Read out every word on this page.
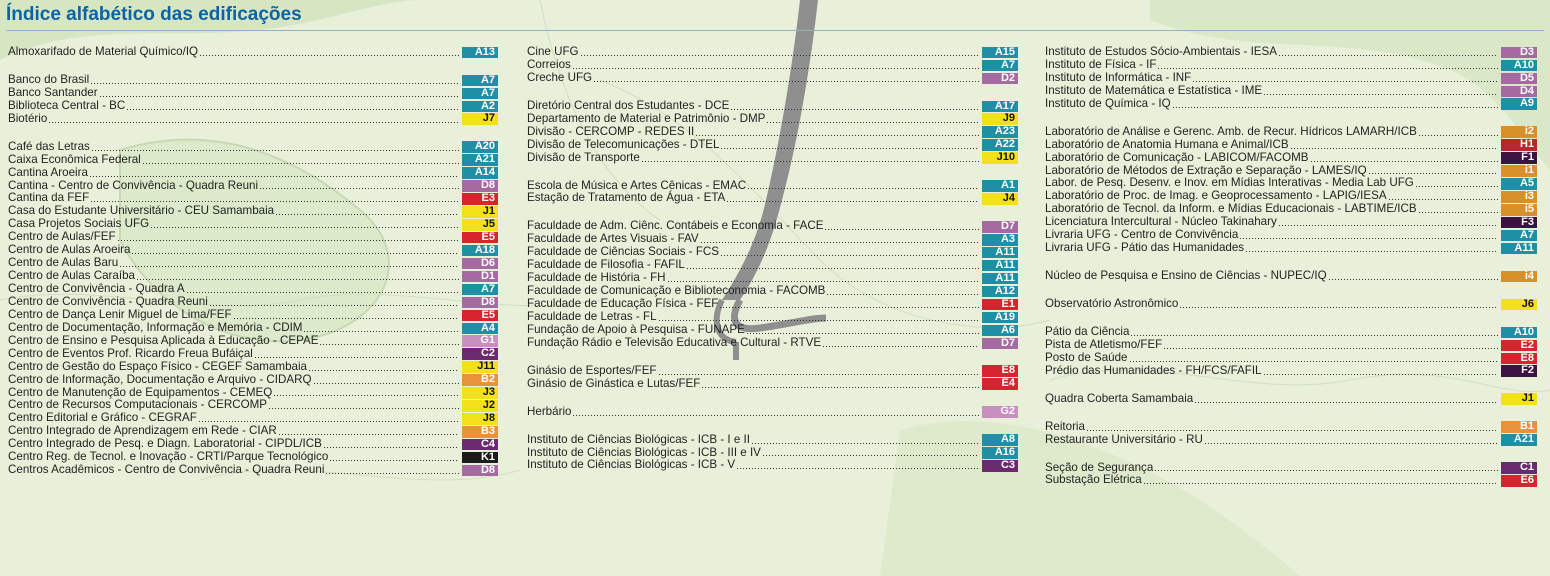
Índice alfabético das edificações
Almoxarifado de Material Químico/IQ	A13
Banco do Brasil	A7
Banco Santander	A7
Biblioteca Central - BC	A2
Biotério	J7
Café das Letras	A20
Caixa Econômica Federal	A21
Cantina Aroeira	A14
Cantina - Centro de Convivência - Quadra Reuni	D8
Cantina da FEF	E3
Casa do Estudante Universitário - CEU Samambaia	J1
Casa Projetos Sociais UFG	J5
Centro de Aulas/FEF	E5
Centro de Aulas Aroeira	A18
Centro de Aulas Baru	D6
Centro de Aulas Caraíba	D1
Centro de Convivência - Quadra A	A7
Centro de Convivência - Quadra Reuni	D8
Centro de Dança Lenir Miguel de Lima/FEF	E5
Centro de Documentação, Informação e Memória - CDIM	A4
Centro de Ensino e Pesquisa Aplicada à Educação - CEPAE	G1
Centro de Eventos Prof. Ricardo Freua Bufáiçal	C2
Centro de Gestão do Espaço Físico - CEGEF Samambaia	J11
Centro de Informação, Documentação e Arquivo - CIDARQ	B2
Centro de Manutenção de Equipamentos - CEMEQ	J3
Centro de Recursos Computacionais - CERCOMP	J2
Centro Editorial e Gráfico - CEGRAF	J8
Centro Integrado de Aprendizagem em Rede - CIAR	B3
Centro Integrado de Pesq. e Diagn. Laboratorial - CIPDL/ICB	C4
Centro Reg. de Tecnol. e Inovação - CRTI/Parque Tecnológico	K1
Centros Acadêmicos - Centro de Convivência - Quadra Reuni	D8
Cine UFG	A15
Correios	A7
Creche UFG	D2
Diretório Central dos Estudantes - DCE	A17
Departamento de Material e Patrimônio - DMP	J9
Divisão - CERCOMP - REDES II	A23
Divisão de Telecomunicações - DTEL	A22
Divisão de Transporte	J10
Escola de Música e Artes Cênicas - EMAC	A1
Estação de Tratamento de Água - ETA	J4
Faculdade de Adm. Ciênc. Contábeis e Economia - FACE	D7
Faculdade de Artes Visuais - FAV	A3
Faculdade de Ciências Sociais - FCS	A11
Faculdade de Filosofia - FAFIL	A11
Faculdade de História - FH	A11
Faculdade de Comunicação e Biblioteconomia - FACOMB	A12
Faculdade de Educação Física - FEF	E1
Faculdade de Letras - FL	A19
Fundação de Apoio à Pesquisa - FUNAPE	A6
Fundação Rádio e Televisão Educativa e Cultural - RTVE	D7
Ginásio de Esportes/FEF	E8
Ginásio de Ginástica e Lutas/FEF	E4
Herbário	G2
Instituto de Ciências Biológicas - ICB - I e II	A8
Instituto de Ciências Biológicas - ICB - III e IV	A16
Instituto de Ciências Biológicas - ICB - V	C3
Instituto de Estudos Sócio-Ambientais - IESA	D3
Instituto de Física - IF	A10
Instituto de Informática - INF	D5
Instituto de Matemática e Estatística - IME	D4
Instituto de Química - IQ	A9
Laboratório de Análise e Gerenc. Amb. de Recur. Hídricos LAMARH/ICB	i2
Laboratório de Anatomia Humana e Animal/ICB	H1
Laboratório de Comunicação - LABICOM/FACOMB	F1
Laboratório de Métodos de Extração e Separação - LAMES/IQ	i1
Labor. de Pesq. Desenv. e Inov. em Mídias Interativas - Media Lab UFG	A5
Laboratório de Proc. de Imag. e Geoprocessamento - LAPIG/IESA	i3
Laboratório de Tecnol. da Inform. e Mídias Educacionais - LABTIME/ICB	i5
Licenciatura Intercultural - Núcleo Takinahary	F3
Livraria UFG - Centro de Convivência	A7
Livraria UFG - Pátio das Humanidades	A11
Núcleo de Pesquisa e Ensino de Ciências - NUPEC/IQ	i4
Observatório Astronômico	J6
Pátio da Ciência	A10
Pista de Atletismo/FEF	E2
Posto de Saúde	E8
Prédio das Humanidades - FH/FCS/FAFIL	F2
Quadra Coberta Samambaia	J1
Reitoria	B1
Restaurante Universitário - RU	A21
Seção de Segurança	C1
Substação Elétrica	E6
